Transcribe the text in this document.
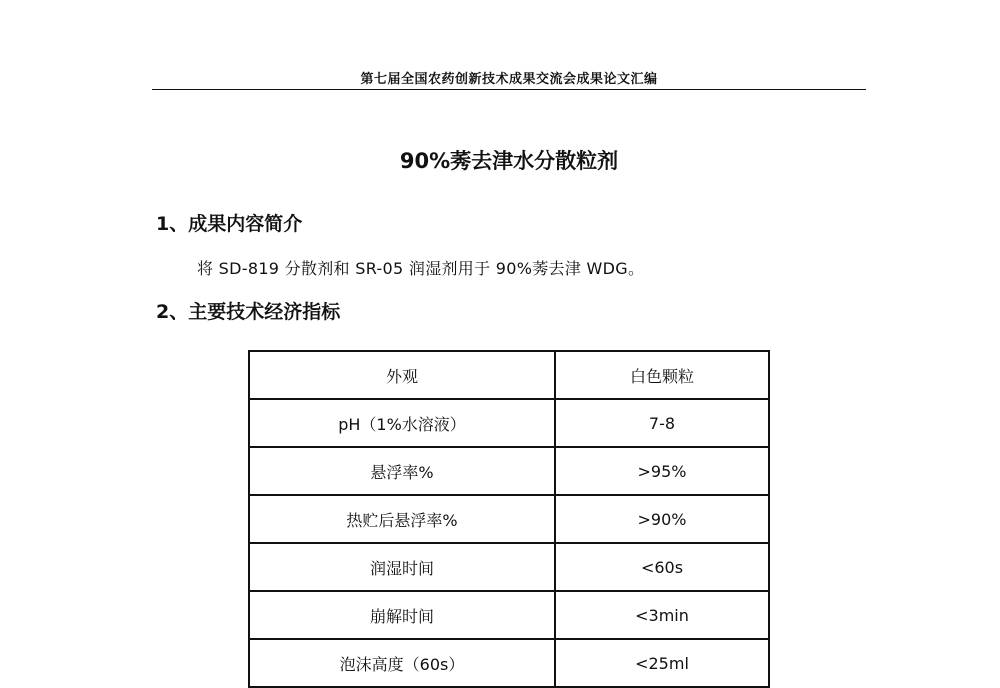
第七届全国农药创新技术成果交流会成果论文汇编
90%莠去津水分散粒剂
1、成果内容简介
将 SD-819 分散剂和 SR-05 润湿剂用于 90%莠去津 WDG。
2、主要技术经济指标
外观	白色颗粒
pH（1%水溶液）	7-8
悬浮率%	>95%
热贮后悬浮率%	>90%
润湿时间	<60s
崩解时间	<3min
泡沫高度（60s）	<25ml
